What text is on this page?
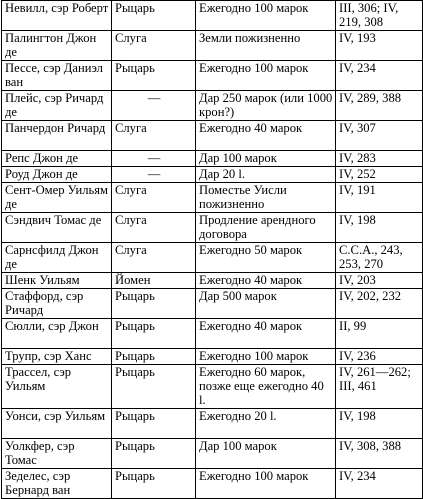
Невилл, сэр Роберт	Рыцарь	Ежегодно 100 марок	III, 306; IV, 219, 308
Палингтон Джон де	Слуга	Земли пожизненно	IV, 193
Пессе, сэр Даниэл ван	Рыцарь	Ежегодно 100 марок	IV, 234
Плейс, сэр Ричард де	—	Дар 250 марок (или 1000 крон?)	IV, 289, 388
Панчердон Ричард	Слуга	Ежегодно 40 марок	IV, 307
Репс Джон де	—	Дар 100 марок	IV, 283
Роуд Джон де	—	Дар 20 l.	IV, 252
Сент-Омер Уильям де	Слуга	Поместье Уисли пожизненно	IV, 191
Сэндвич Томас де	Слуга	Продление арендного договора	IV, 198
Сарнсфилд Джон де	Слуга	Ежегодно 50 марок	C.C.A., 243, 253, 270
Шенк Уильям	Йомен	Ежегодно 40 марок	IV, 203
Стаффорд, сэр Ричард	Рыцарь	Дар 500 марок	IV, 202, 232
Сюлли, сэр Джон	Рыцарь	Ежегодно 40 марок	II, 99
Трупр, сэр Ханс	Рыцарь	Ежегодно 100 марок	IV, 236
Трассел, сэр Уильям	Рыцарь	Ежегодно 60 марок, позже еще ежегодно 40 l.	IV, 261—262; III, 461
Уонси, сэр Уильям	Рыцарь	Ежегодно 20 l.	IV, 198
Уолкфер, сэр Томас	Рыцарь	Дар 100 марок	IV, 308, 388
Зеделес, сэр Бернард ван	Рыцарь	Ежегодно 100 марок	IV, 234
